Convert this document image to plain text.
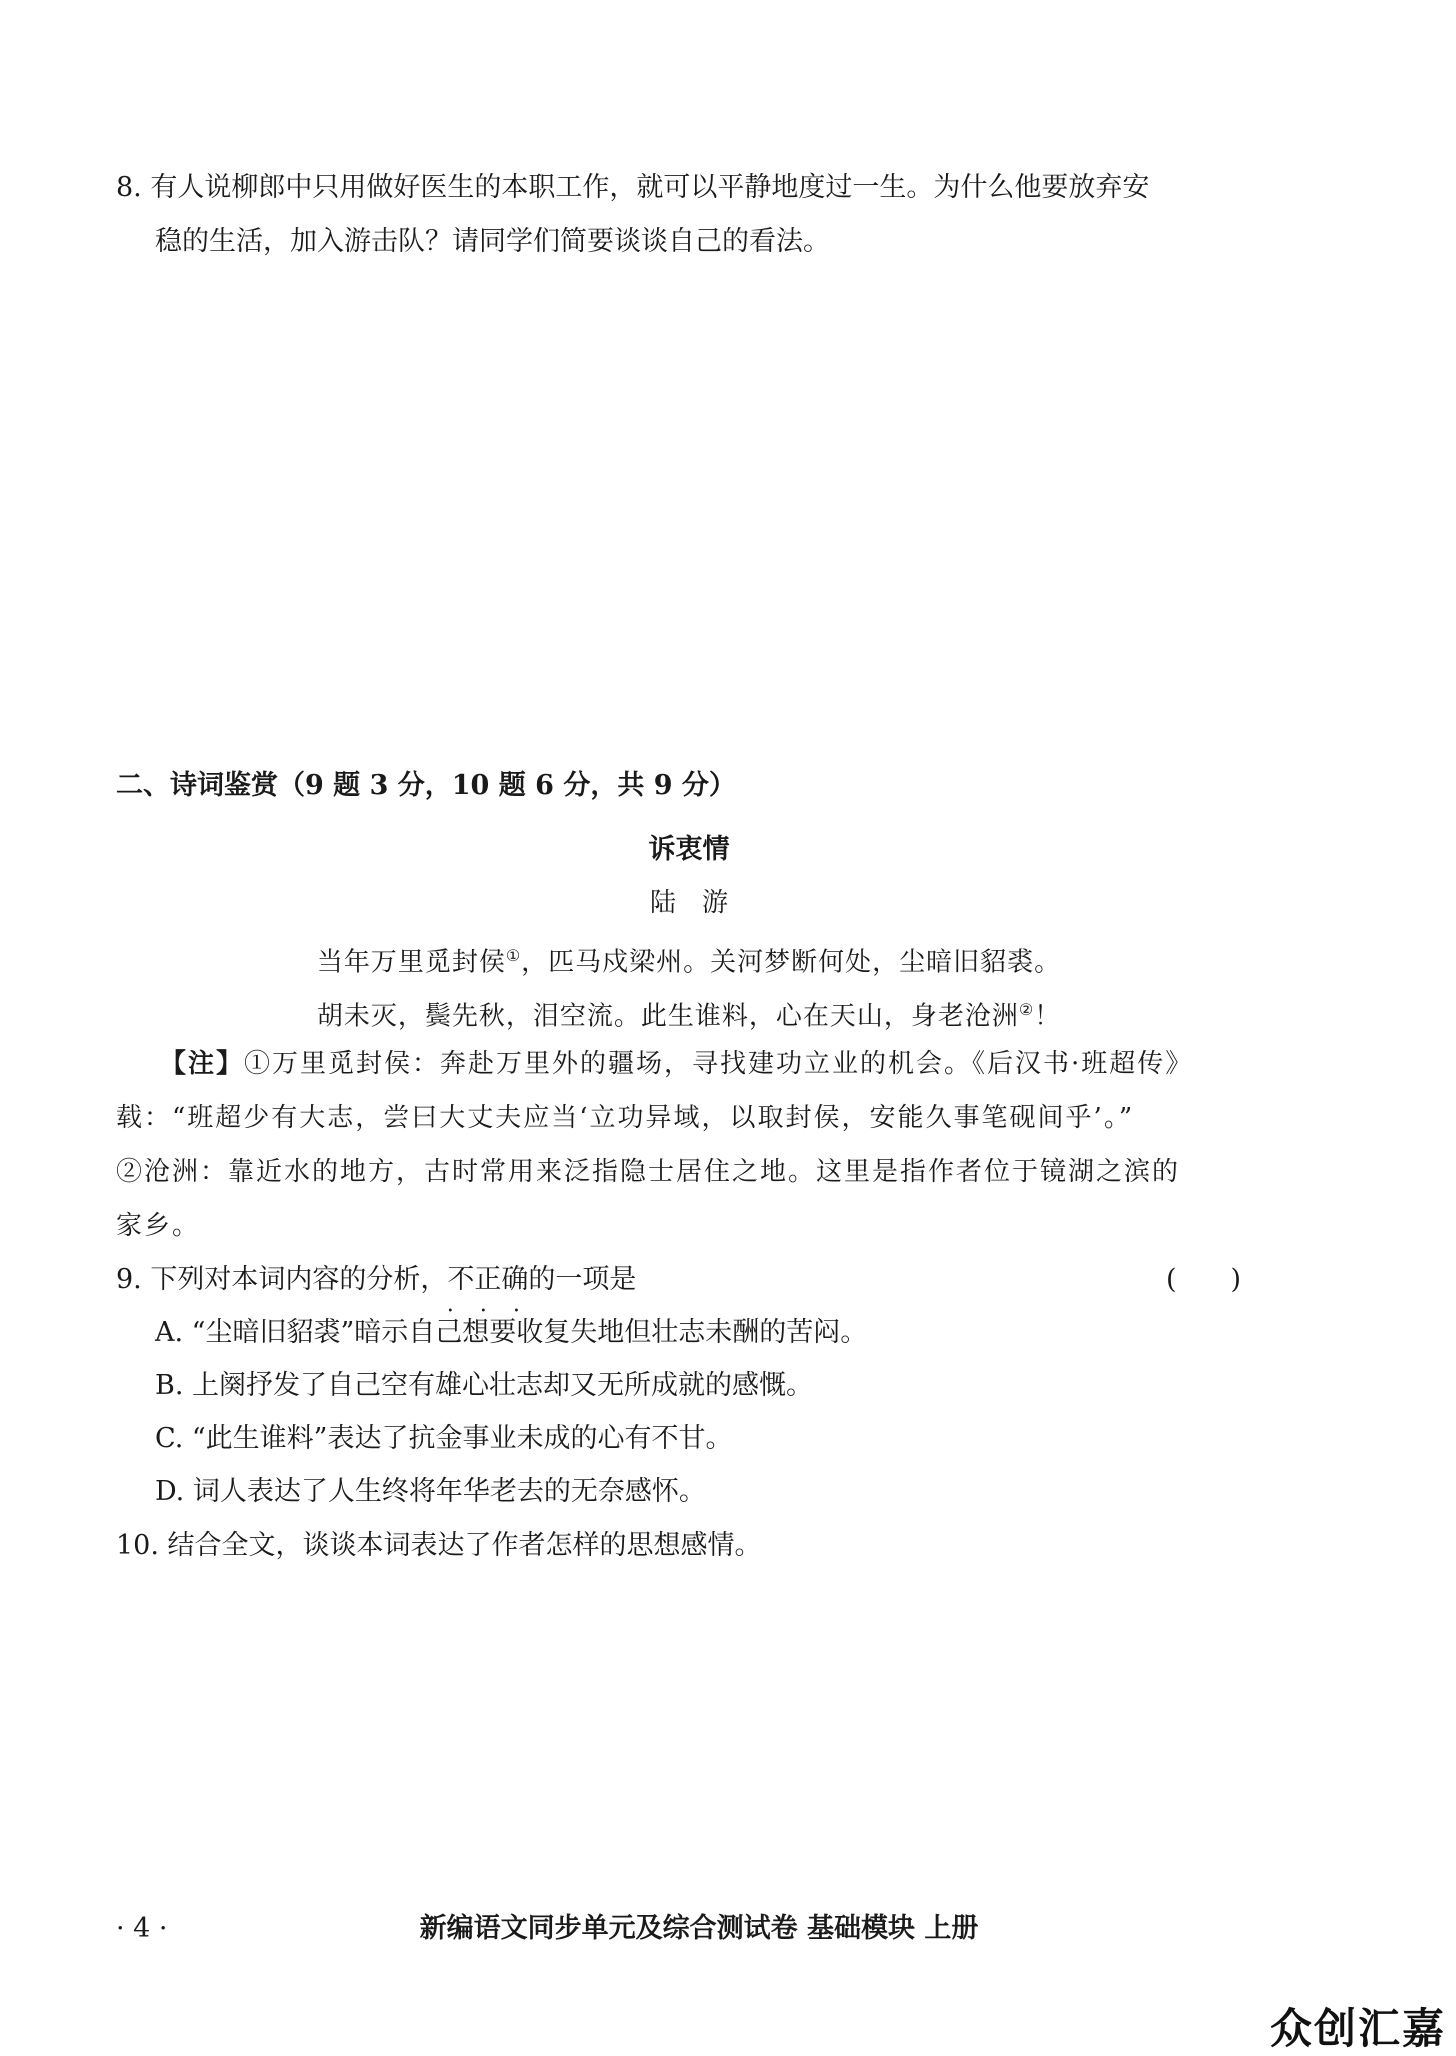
8. 有人说柳郎中只用做好医生的本职工作，就可以平静地度过一生。为什么他要放弃安
稳的生活，加入游击队？请同学们简要谈谈自己的看法。
二、诗词鉴赏（9 题 3 分，10 题 6 分，共 9 分）
诉衷情
陆　游
当年万里觅封侯①，匹马戍梁州。关河梦断何处，尘暗旧貂裘。
胡未灭，鬓先秋，泪空流。此生谁料，心在天山，身老沧洲②！
【注】①万里觅封侯：奔赴万里外的疆场，寻找建功立业的机会。《后汉书·班超传》
载：“班超少有大志，尝曰大丈夫应当‘立功异域，以取封侯，安能久事笔砚间乎’。”
②沧洲：靠近水的地方，古时常用来泛指隐士居住之地。这里是指作者位于镜湖之滨的
家乡。
9. 下列对本词内容的分析，不正确 • • •的一项是	(　　)
A. “尘暗旧貂裘”暗示自己想要收复失地但壮志未酬的苦闷。
B. 上阕抒发了自己空有雄心壮志却又无所成就的感慨。
C. “此生谁料”表达了抗金事业未成的心有不甘。
D. 词人表达了人生终将年华老去的无奈感怀。
10. 结合全文，谈谈本词表达了作者怎样的思想感情。
· 4 ·	新编语文同步单元及综合测试卷 基础模块 上册
众创汇嘉
